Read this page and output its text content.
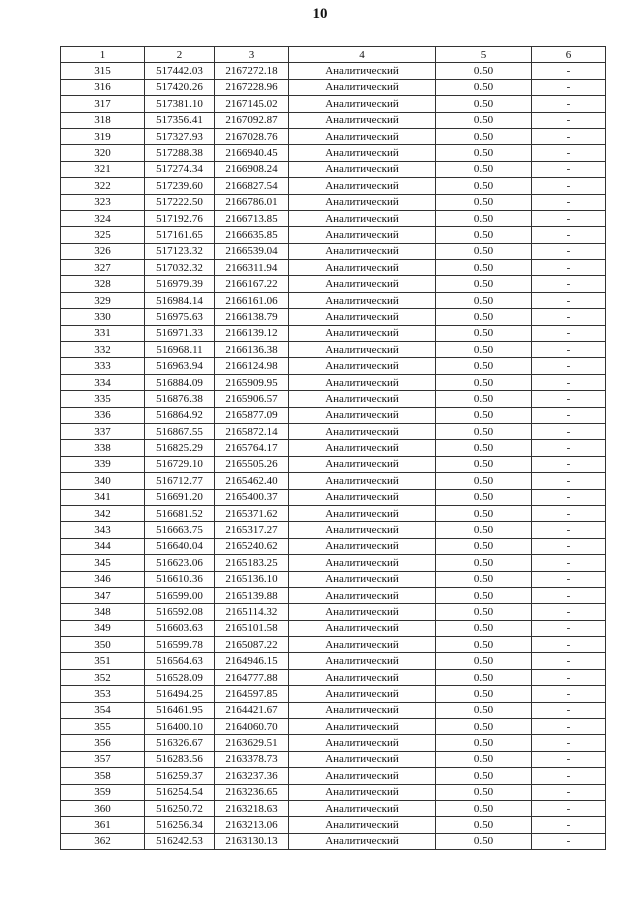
10
1	2	3	4	5	6
315	517442.03	2167272.18	Аналитический	0.50	-
316	517420.26	2167228.96	Аналитический	0.50	-
317	517381.10	2167145.02	Аналитический	0.50	-
318	517356.41	2167092.87	Аналитический	0.50	-
319	517327.93	2167028.76	Аналитический	0.50	-
320	517288.38	2166940.45	Аналитический	0.50	-
321	517274.34	2166908.24	Аналитический	0.50	-
322	517239.60	2166827.54	Аналитический	0.50	-
323	517222.50	2166786.01	Аналитический	0.50	-
324	517192.76	2166713.85	Аналитический	0.50	-
325	517161.65	2166635.85	Аналитический	0.50	-
326	517123.32	2166539.04	Аналитический	0.50	-
327	517032.32	2166311.94	Аналитический	0.50	-
328	516979.39	2166167.22	Аналитический	0.50	-
329	516984.14	2166161.06	Аналитический	0.50	-
330	516975.63	2166138.79	Аналитический	0.50	-
331	516971.33	2166139.12	Аналитический	0.50	-
332	516968.11	2166136.38	Аналитический	0.50	-
333	516963.94	2166124.98	Аналитический	0.50	-
334	516884.09	2165909.95	Аналитический	0.50	-
335	516876.38	2165906.57	Аналитический	0.50	-
336	516864.92	2165877.09	Аналитический	0.50	-
337	516867.55	2165872.14	Аналитический	0.50	-
338	516825.29	2165764.17	Аналитический	0.50	-
339	516729.10	2165505.26	Аналитический	0.50	-
340	516712.77	2165462.40	Аналитический	0.50	-
341	516691.20	2165400.37	Аналитический	0.50	-
342	516681.52	2165371.62	Аналитический	0.50	-
343	516663.75	2165317.27	Аналитический	0.50	-
344	516640.04	2165240.62	Аналитический	0.50	-
345	516623.06	2165183.25	Аналитический	0.50	-
346	516610.36	2165136.10	Аналитический	0.50	-
347	516599.00	2165139.88	Аналитический	0.50	-
348	516592.08	2165114.32	Аналитический	0.50	-
349	516603.63	2165101.58	Аналитический	0.50	-
350	516599.78	2165087.22	Аналитический	0.50	-
351	516564.63	2164946.15	Аналитический	0.50	-
352	516528.09	2164777.88	Аналитический	0.50	-
353	516494.25	2164597.85	Аналитический	0.50	-
354	516461.95	2164421.67	Аналитический	0.50	-
355	516400.10	2164060.70	Аналитический	0.50	-
356	516326.67	2163629.51	Аналитический	0.50	-
357	516283.56	2163378.73	Аналитический	0.50	-
358	516259.37	2163237.36	Аналитический	0.50	-
359	516254.54	2163236.65	Аналитический	0.50	-
360	516250.72	2163218.63	Аналитический	0.50	-
361	516256.34	2163213.06	Аналитический	0.50	-
362	516242.53	2163130.13	Аналитический	0.50	-
